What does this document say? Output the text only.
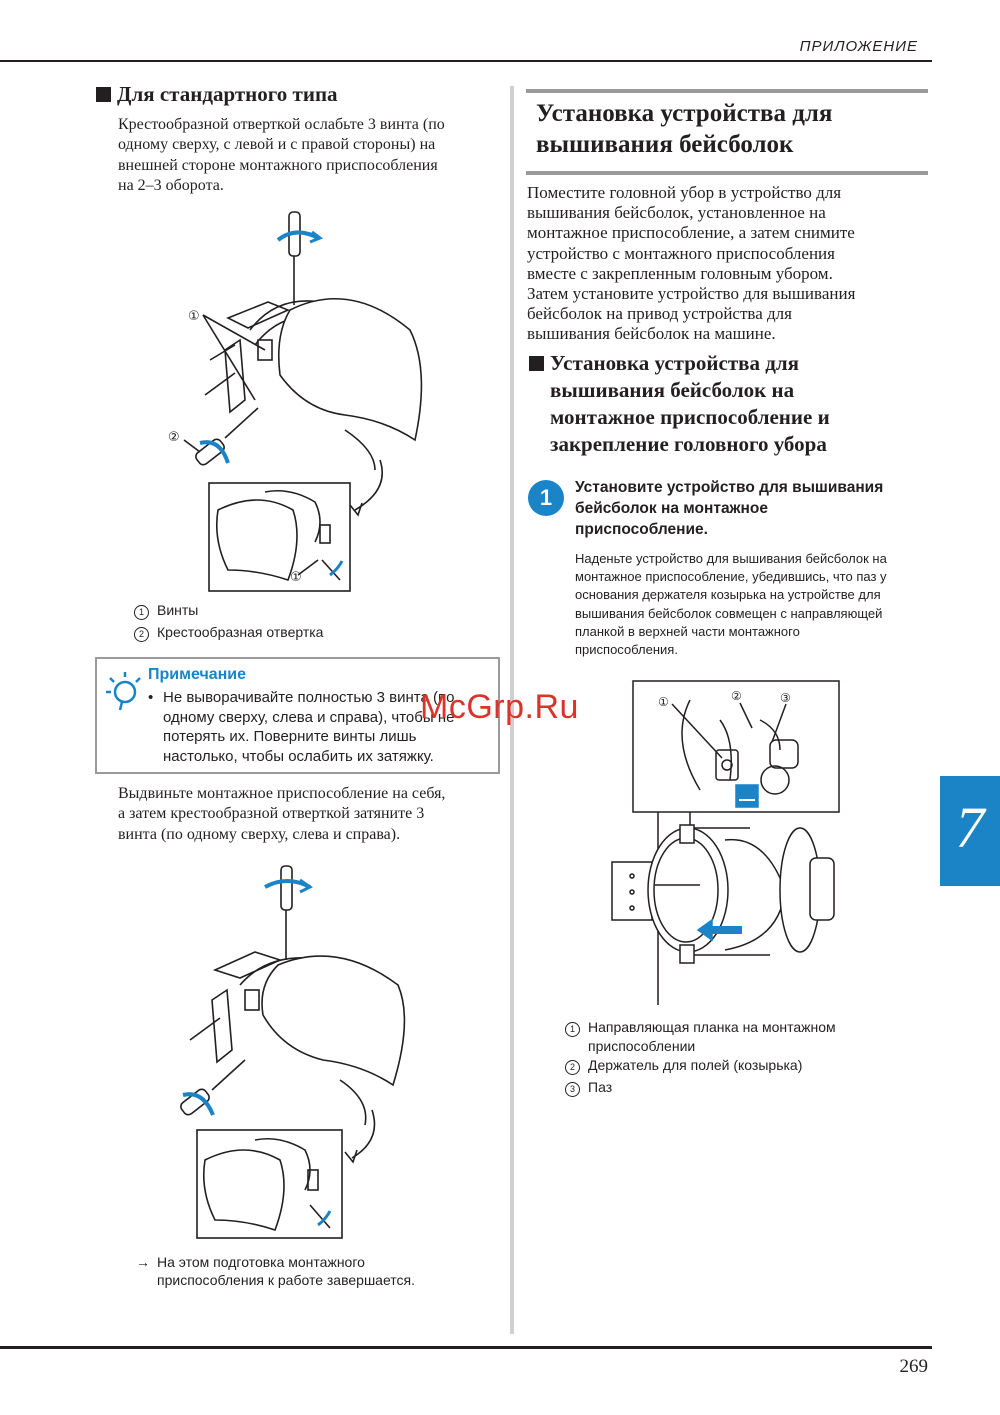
ПРИЛОЖЕНИЕ
Для стандартного типа
Крестообразной отверткой ослабьте 3 винта (по
одному сверху, с левой и с правой стороны) на
внешней стороне монтажного приспособления
на 2–3 оборота.
①
②
①
1 Винты
2 Крестообразная отвертка
Примечание
• Не выворачивайте полностью 3 винта (по
одному сверху, слева и справа), чтобы не
потерять их. Поверните винты лишь
настолько, чтобы ослабить их затяжку.
Выдвиньте монтажное приспособление на себя,
а затем крестообразной отверткой затяните 3
винта (по одному сверху, слева и справа).
→ На этом подготовка монтажного
приспособления к работе завершается.
Установка устройства для
вышивания бейсболок
Поместите головной убор в устройство для
вышивания бейсболок, установленное на
монтажное приспособление, а затем снимите
устройство с монтажного приспособления
вместе с закрепленным головным убором.
Затем установите устройство для вышивания
бейсболок на привод устройства для
вышивания бейсболок на машине.
Установка устройства для
вышивания бейсболок на
монтажное приспособление и
закрепление головного убора
1	Установите устройство для вышивания
бейсболок на монтажное
приспособление.
Наденьте устройство для вышивания бейсболок на
монтажное приспособление, убедившись, что паз у
основания держателя козырька на устройстве для
вышивания бейсболок совмещен с направляющей
планкой в верхней части монтажного
приспособления.
①	②	③
1 Направляющая планка на монтажном
приспособлении
2 Держатель для полей (козырька)
3 Паз
7
McGrp.Ru
269
